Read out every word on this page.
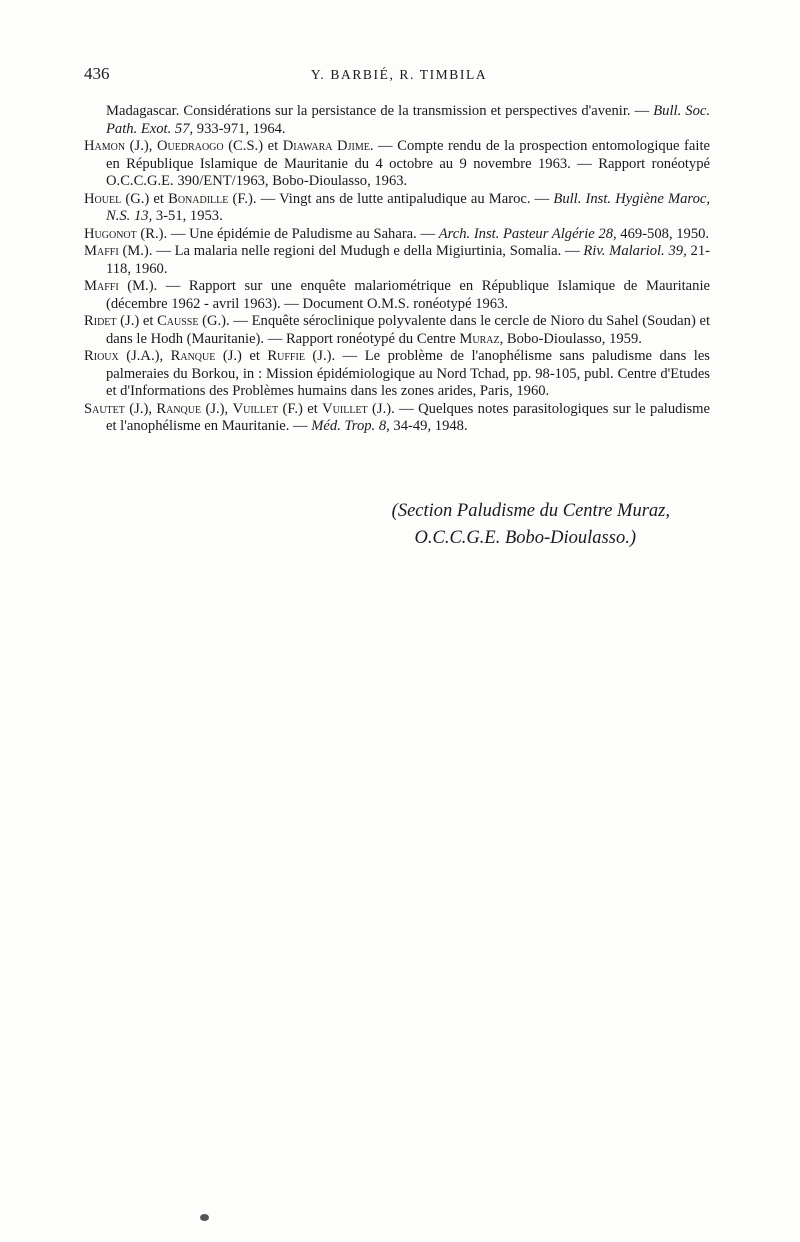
436	Y. BARBIÉ, R. TIMBILA

Madagascar. Considérations sur la persistance de la transmission et perspectives d'avenir. — Bull. Soc. Path. Exot. 57, 933-971, 1964.

Hamon (J.), Ouedraogo (C.S.) et Diawara Djime. — Compte rendu de la prospection entomologique faite en République Islamique de Mauritanie du 4 octobre au 9 novembre 1963. — Rapport ronéotypé O.C.C.G.E. 390/ENT/1963, Bobo-Dioulasso, 1963.

Houel (G.) et Bonadille (F.). — Vingt ans de lutte antipaludique au Maroc. — Bull. Inst. Hygiène Maroc, N.S. 13, 3-51, 1953.

Hugonot (R.). — Une épidémie de Paludisme au Sahara. — Arch. Inst. Pasteur Algérie 28, 469-508, 1950.

Maffi (M.). — La malaria nelle regioni del Mudugh e della Migiurtinia, Somalia. — Riv. Malariol. 39, 21-118, 1960.

Maffi (M.). — Rapport sur une enquête malariométrique en République Islamique de Mauritanie (décembre 1962 - avril 1963). — Document O.M.S. ronéotypé 1963.

Ridet (J.) et Causse (G.). — Enquête séroclinique polyvalente dans le cercle de Nioro du Sahel (Soudan) et dans le Hodh (Mauritanie). — Rapport ronéotypé du Centre Muraz, Bobo-Dioulasso, 1959.

Rioux (J.A.), Ranque (J.) et Ruffie (J.). — Le problème de l'anophélisme sans paludisme dans les palmeraies du Borkou, in : Mission épidémiologique au Nord Tchad, pp. 98-105, publ. Centre d'Etudes et d'Informations des Problèmes humains dans les zones arides, Paris, 1960.

Sautet (J.), Ranque (J.), Vuillet (F.) et Vuillet (J.). — Quelques notes parasitologiques sur le paludisme et l'anophélisme en Mauritanie. — Méd. Trop. 8, 34-49, 1948.

(Section Paludisme du Centre Muraz,
O.C.C.G.E. Bobo-Dioulasso.)
